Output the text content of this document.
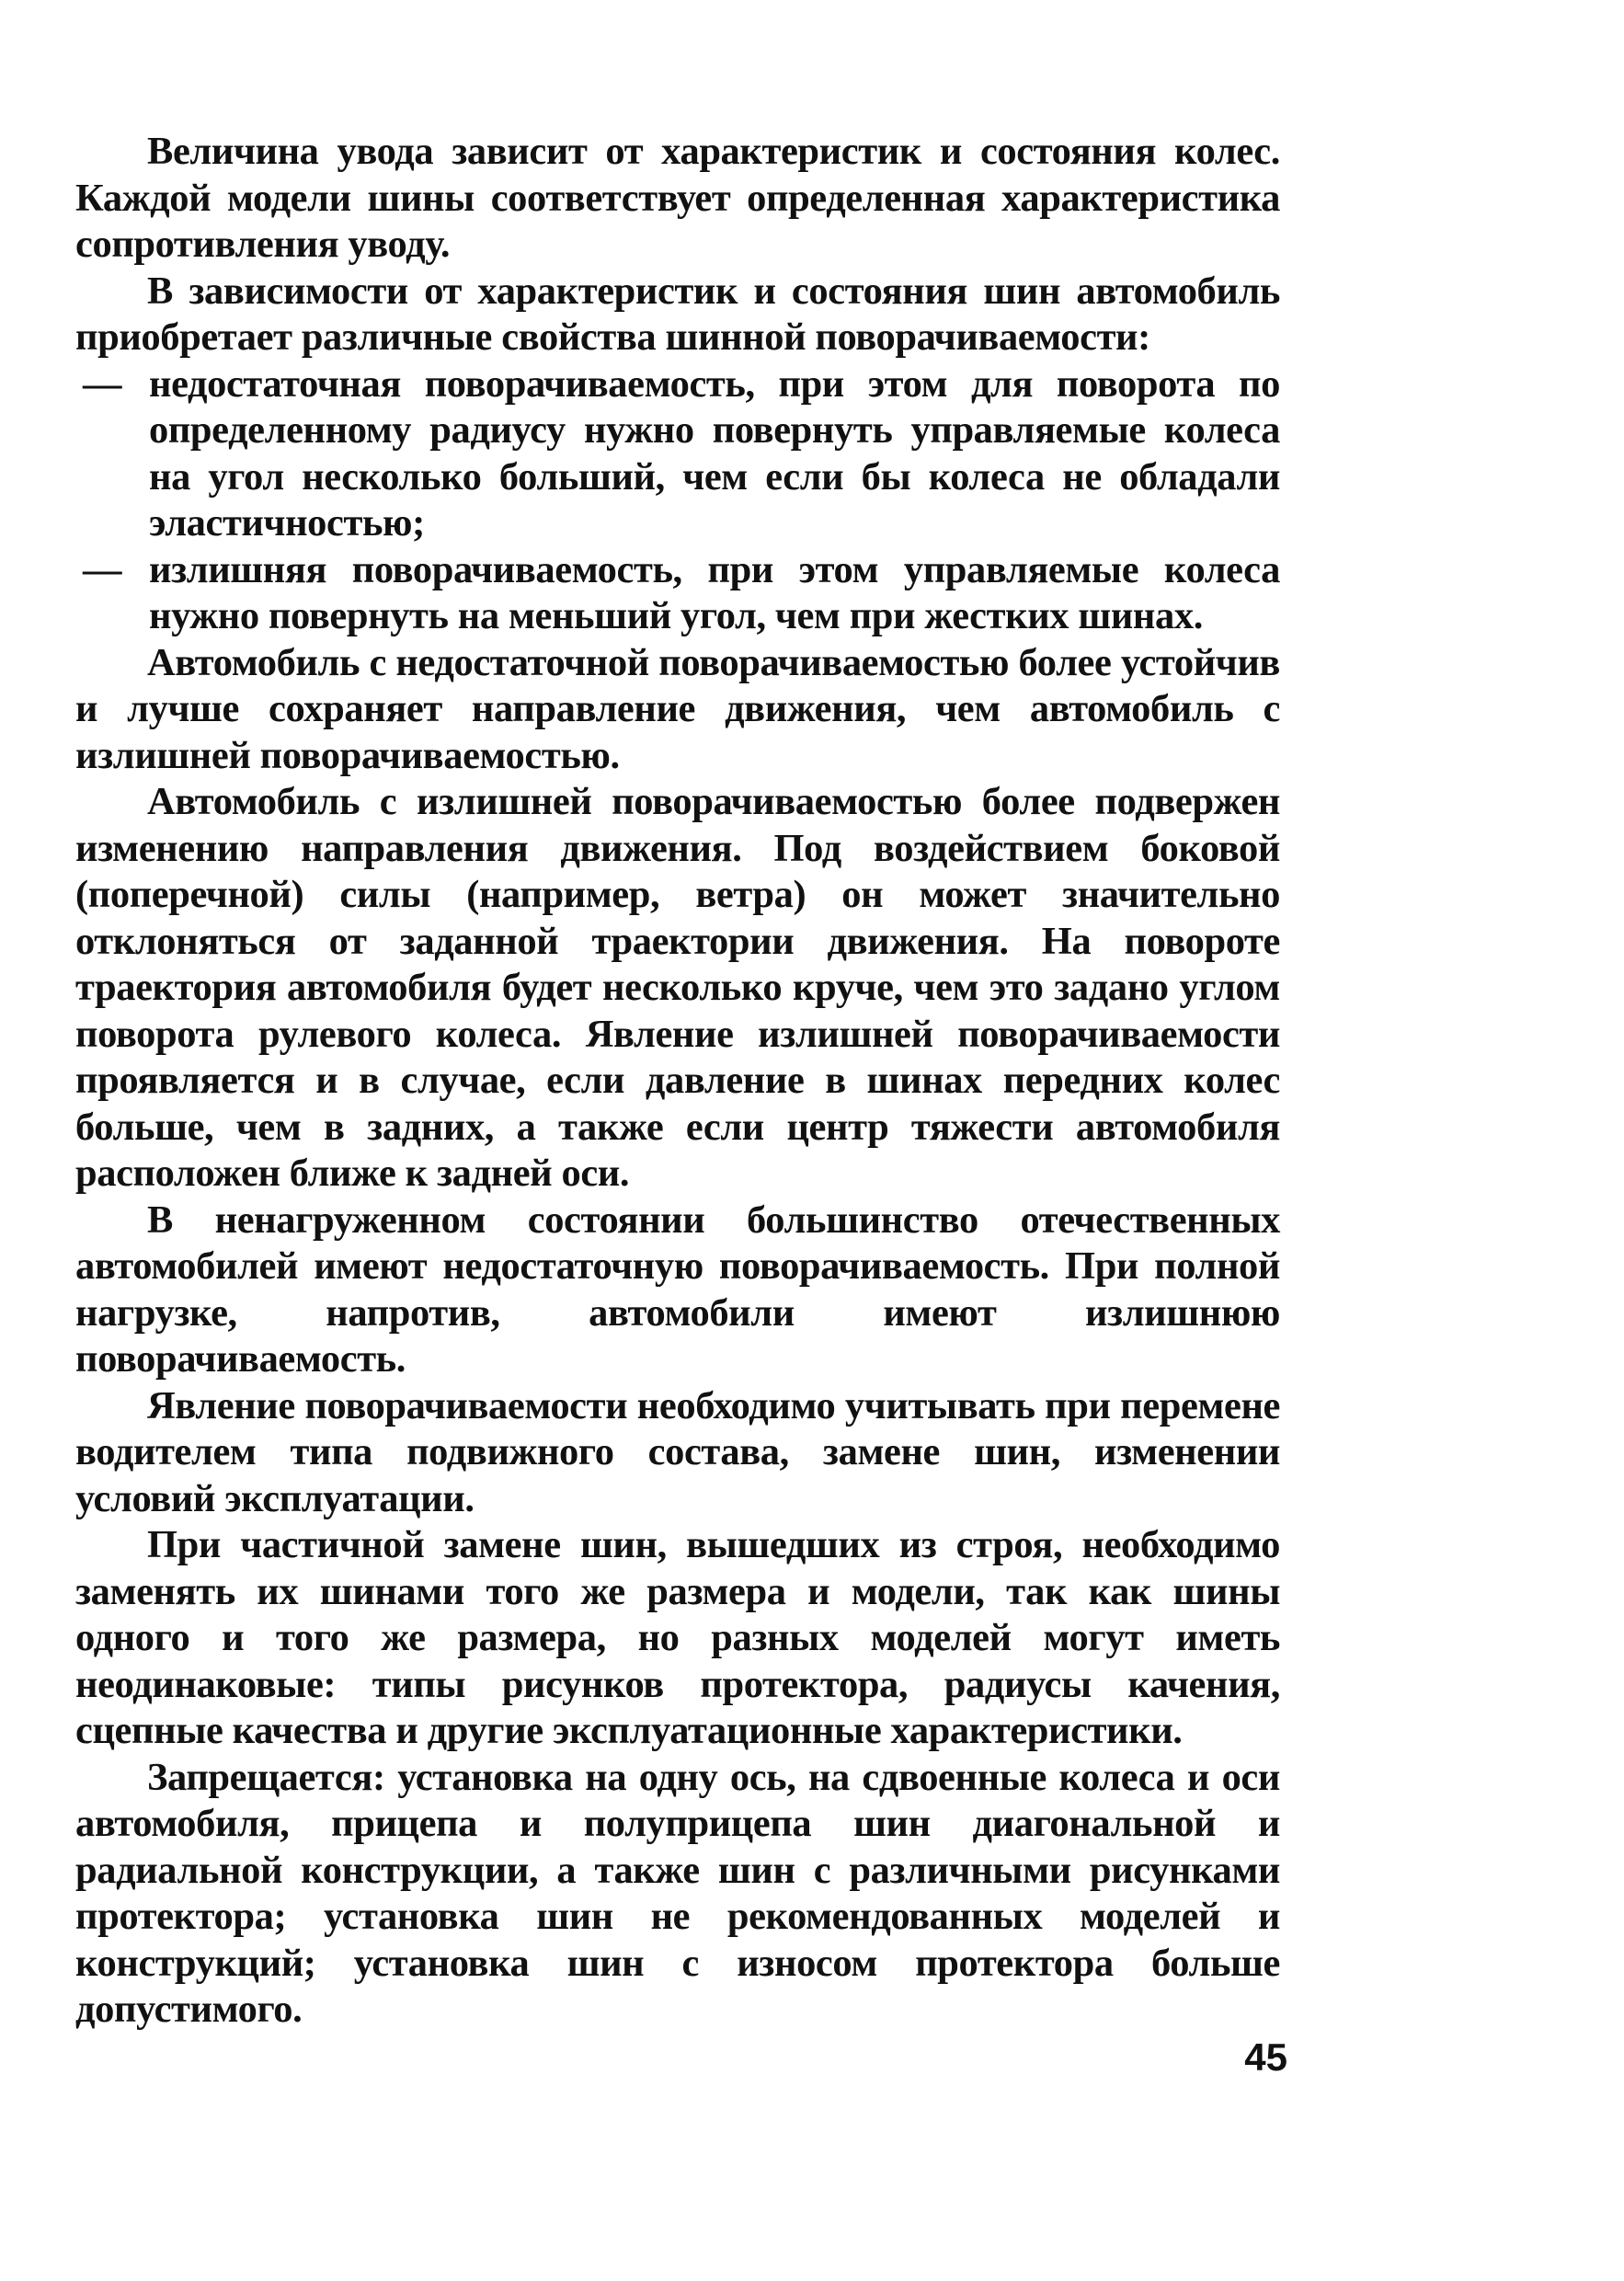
Величина увода зависит от характеристик и состояния колес. Каждой модели шины соответствует определенная характеристика сопротивления уводу.

В зависимости от характеристик и состояния шин автомобиль приобретает различные свойства шинной поворачиваемости:

— недостаточная поворачиваемость, при этом для поворота по определенному радиусу нужно повернуть управляемые колеса на угол несколько больший, чем если бы колеса не обладали эластичностью;
— излишняя поворачиваемость, при этом управляемые колеса нужно повернуть на меньший угол, чем при жестких шинах.

Автомобиль с недостаточной поворачиваемостью более устойчив и лучше сохраняет направление движения, чем автомобиль с излишней поворачиваемостью.

Автомобиль с излишней поворачиваемостью более подвержен изменению направления движения. Под воздействием боковой (поперечной) силы (например, ветра) он может значительно отклоняться от заданной траектории движения. На повороте траектория автомобиля будет несколько круче, чем это задано углом поворота рулевого колеса. Явление излишней поворачиваемости проявляется и в случае, если давление в шинах передних колес больше, чем в задних, а также если центр тяжести автомобиля расположен ближе к задней оси.

В ненагруженном состоянии большинство отечественных автомобилей имеют недостаточную поворачиваемость. При полной нагрузке, напротив, автомобили имеют излишнюю поворачиваемость.

Явление поворачиваемости необходимо учитывать при перемене водителем типа подвижного состава, замене шин, изменении условий эксплуатации.

При частичной замене шин, вышедших из строя, необходимо заменять их шинами того же размера и модели, так как шины одного и того же размера, но разных моделей могут иметь неодинаковые: типы рисунков протектора, радиусы качения, сцепные качества и другие эксплуатационные характеристики.

Запрещается: установка на одну ось, на сдвоенные колеса и оси автомобиля, прицепа и полуприцепа шин диагональной и радиальной конструкции, а также шин с различными рисунками протектора; установка шин не рекомендованных моделей и конструкций; установка шин с износом протектора больше допустимого.

45
